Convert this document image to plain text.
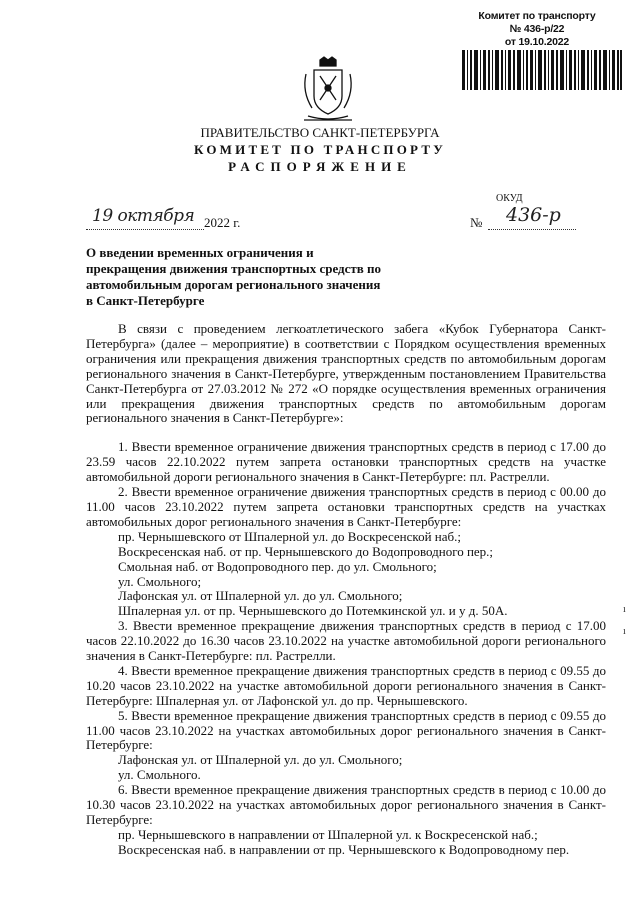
Комитет по транспорту
№ 436-р/22
от 19.10.2022
ПРАВИТЕЛЬСТВО САНКТ-ПЕТЕРБУРГА
КОМИТЕТ ПО ТРАНСПОРТУ
РАСПОРЯЖЕНИЕ
ОКУД
19 октября 2022 г.	№ 436-р
О введении временных ограничения и прекращения движения транспортных средств по автомобильным дорогам регионального значения в Санкт-Петербурге

В связи с проведением легкоатлетического забега «Кубок Губернатора Санкт-Петербурга» (далее – мероприятие) в соответствии с Порядком осуществления временных ограничения или прекращения движения транспортных средств по автомобильным дорогам регионального значения в Санкт-Петербурге, утвержденным постановлением Правительства Санкт-Петербурга от 27.03.2012 № 272 «О порядке осуществления временных ограничения или прекращения движения транспортных средств по автомобильным дорогам регионального значения в Санкт-Петербурге»:

1. Ввести временное ограничение движения транспортных средств в период с 17.00 до 23.59 часов 22.10.2022 путем запрета остановки транспортных средств на участке автомобильной дороги регионального значения в Санкт-Петербурге: пл. Растрелли.

2. Ввести временное ограничение движения транспортных средств в период с 00.00 до 11.00 часов 23.10.2022 путем запрета остановки транспортных средств на участках автомобильных дорог регионального значения в Санкт-Петербурге:

пр. Чернышевского от Шпалерной ул. до Воскресенской наб.;

Воскресенская наб. от пр. Чернышевского до Водопроводного пер.;

Смольная наб. от Водопроводного пер. до ул. Смольного;

ул. Смольного;

Лафонская ул. от Шпалерной ул. до ул. Смольного;

Шпалерная ул. от пр. Чернышевского до Потемкинской ул. и у д. 50А.

3. Ввести временное прекращение движения транспортных средств в период с 17.00 часов 22.10.2022 до 16.30 часов 23.10.2022 на участке автомобильной дороги регионального значения в Санкт-Петербурге: пл. Растрелли.

4. Ввести временное прекращение движения транспортных средств в период с 09.55 до 10.20 часов 23.10.2022 на участке автомобильной дороги регионального значения в Санкт-Петербурге: Шпалерная ул. от Лафонской ул. до пр. Чернышевского.

5. Ввести временное прекращение движения транспортных средств в период с 09.55 до 11.00 часов 23.10.2022 на участках автомобильных дорог регионального значения в Санкт-Петербурге:

Лафонская ул. от Шпалерной ул. до ул. Смольного;

ул. Смольного.

6. Ввести временное прекращение движения транспортных средств в период с 10.00 до 10.30 часов 23.10.2022 на участках автомобильных дорог регионального значения в Санкт-Петербурге:

пр. Чернышевского в направлении от Шпалерной ул. к Воскресенской наб.;

Воскресенская наб. в направлении от пр. Чернышевского к Водопроводному пер.

ı
ı
